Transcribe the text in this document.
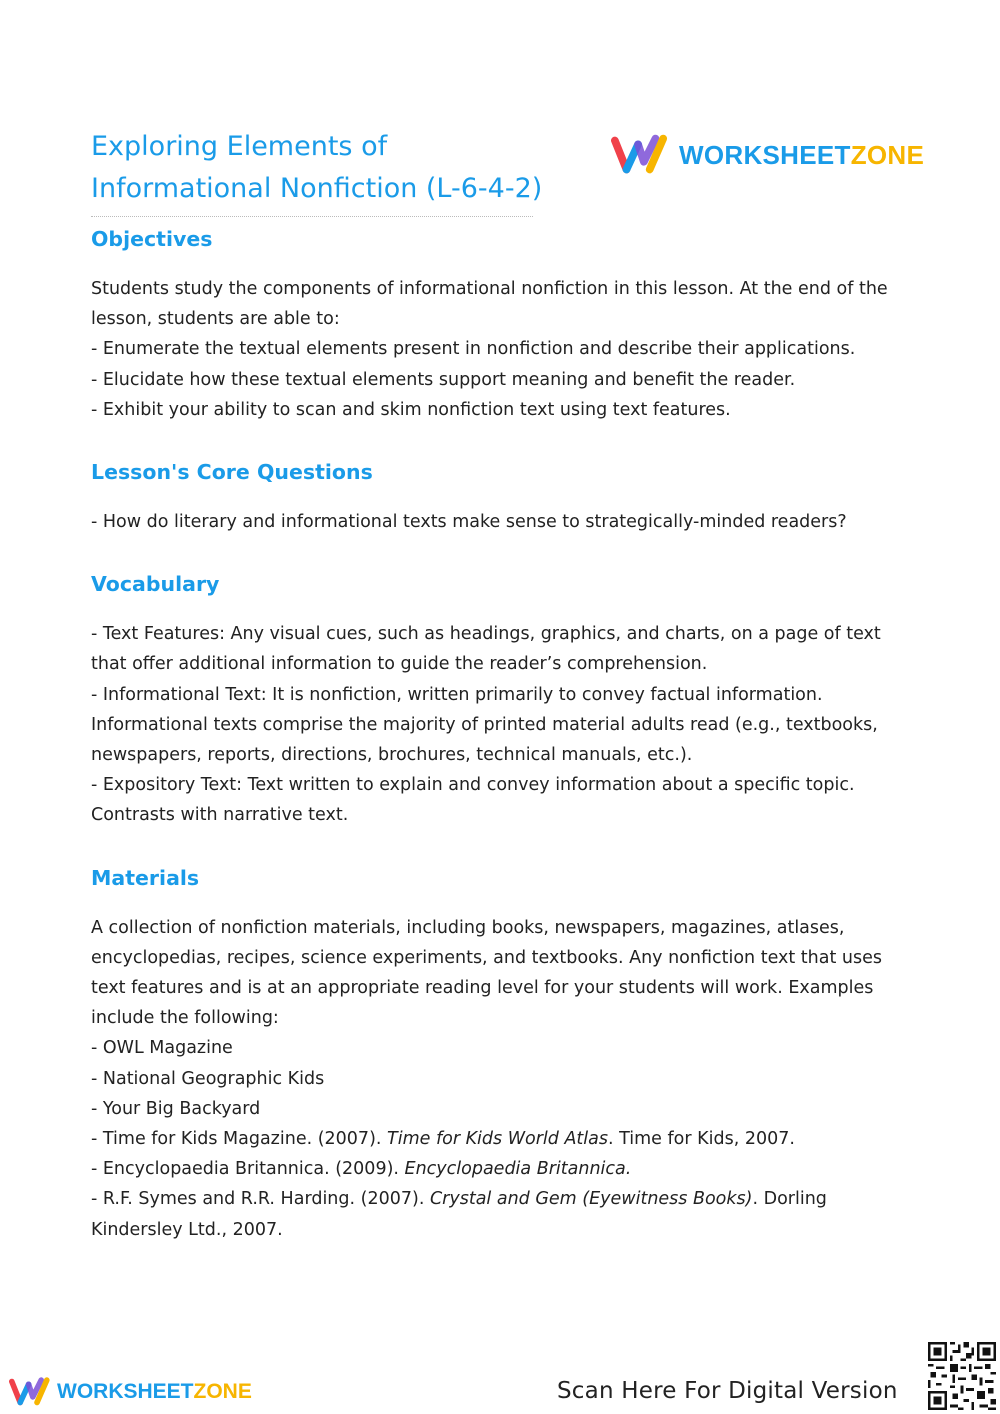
Exploring Elements of
Informational Nonfiction (L-6-4-2)
WORKSHEETZONE
Objectives
Students study the components of informational nonfiction in this lesson. At the end of the
lesson, students are able to:
- Enumerate the textual elements present in nonfiction and describe their applications.
- Elucidate how these textual elements support meaning and benefit the reader.
- Exhibit your ability to scan and skim nonfiction text using text features.
Lesson's Core Questions
- How do literary and informational texts make sense to strategically-minded readers?
Vocabulary
- Text Features: Any visual cues, such as headings, graphics, and charts, on a page of text
that offer additional information to guide the reader’s comprehension.
- Informational Text: It is nonfiction, written primarily to convey factual information.
Informational texts comprise the majority of printed material adults read (e.g., textbooks,
newspapers, reports, directions, brochures, technical manuals, etc.).
- Expository Text: Text written to explain and convey information about a specific topic.
Contrasts with narrative text.
Materials
A collection of nonfiction materials, including books, newspapers, magazines, atlases,
encyclopedias, recipes, science experiments, and textbooks. Any nonfiction text that uses
text features and is at an appropriate reading level for your students will work. Examples
include the following:
- OWL Magazine
- National Geographic Kids
- Your Big Backyard
- Time for Kids Magazine. (2007). Time for Kids World Atlas. Time for Kids, 2007.
- Encyclopaedia Britannica. (2009). Encyclopaedia Britannica.
- R.F. Symes and R.R. Harding. (2007). Crystal and Gem (Eyewitness Books). Dorling
Kindersley Ltd., 2007.
WORKSHEETZONE	Scan Here For Digital Version
